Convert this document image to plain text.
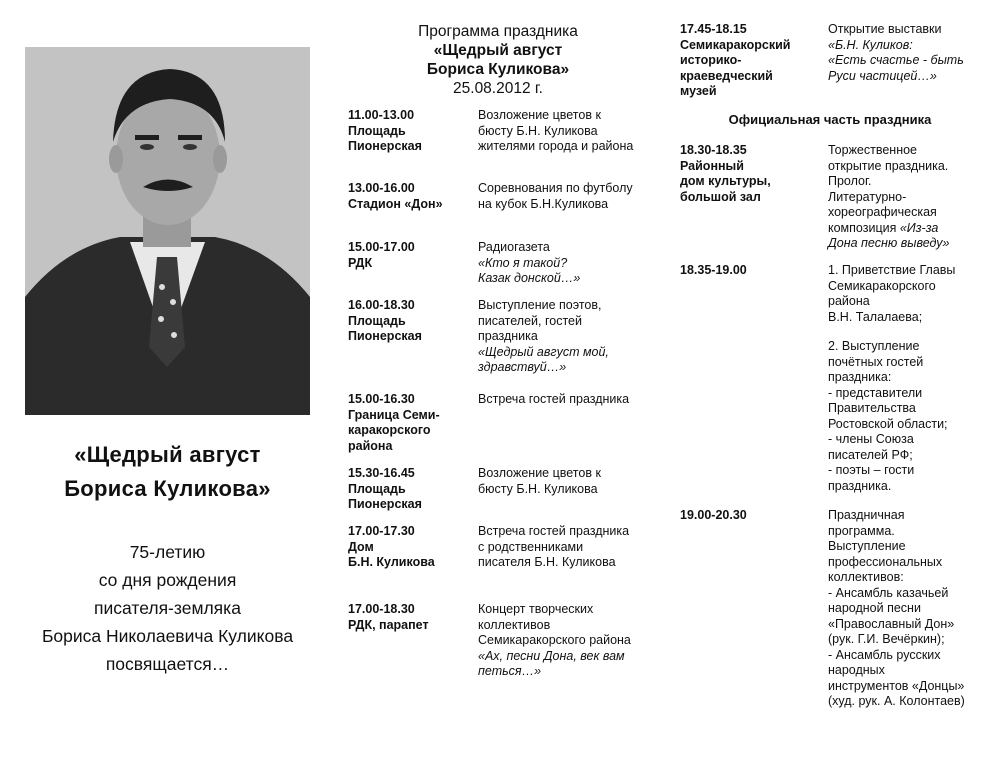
«Щедрый август
Бориса Куликова»
75-летию
со дня рождения
писателя-земляка
Бориса Николаевича Куликова
посвящается…
Программа праздника
«Щедрый август
Бориса Куликова»
25.08.2012 г.
11.00-13.00
Площадь
Пионерская
Возложение цветов к бюсту Б.Н. Куликова жителями города и района
13.00-16.00
Стадион «Дон»
Соревнования по футболу на кубок Б.Н.Куликова
15.00-17.00
РДК
Радиогазета
«Кто я такой?
Казак донской…»
16.00-18.30
Площадь
Пионерская
Выступление поэтов, писателей, гостей праздника
«Щедрый август мой, здравствуй…»
15.00-16.30
Граница Семи-
каракорского
района
Встреча гостей праздника
15.30-16.45
Площадь
Пионерская
Возложение цветов к бюсту Б.Н. Куликова
17.00-17.30
Дом
Б.Н. Куликова
Встреча гостей праздника с родственниками писателя Б.Н. Куликова
17.00-18.30
РДК, парапет
Концерт творческих коллективов Семикаракорского района
«Ах, песни Дона, век вам петься…»
17.45-18.15
Семикаракорский
историко-
краеведческий
музей
Открытие выставки
«Б.Н. Куликов:
«Есть счастье - быть Руси частицей…»
Официальная часть праздника
18.30-18.35
Районный
дом культуры,
большой зал
Торжественное открытие праздника.
Пролог.
Литературно-хореографическая композиция «Из-за Дона песню выведу»
18.35-19.00	1. Приветствие Главы Семикаракорского района
В.Н. Талалаева;
2. Выступление почётных гостей праздника:
- представители Правительства Ростовской области;
- члены Союза писателей РФ;
- поэты – гости праздника.
19.00-20.30	Праздничная программа.
Выступление профессиональных коллективов:
- Ансамбль казачьей народной песни «Православный Дон» (рук. Г.И. Вечёркин);
- Ансамбль русских народных инструментов «Донцы» (худ. рук. А. Колонтаев)
